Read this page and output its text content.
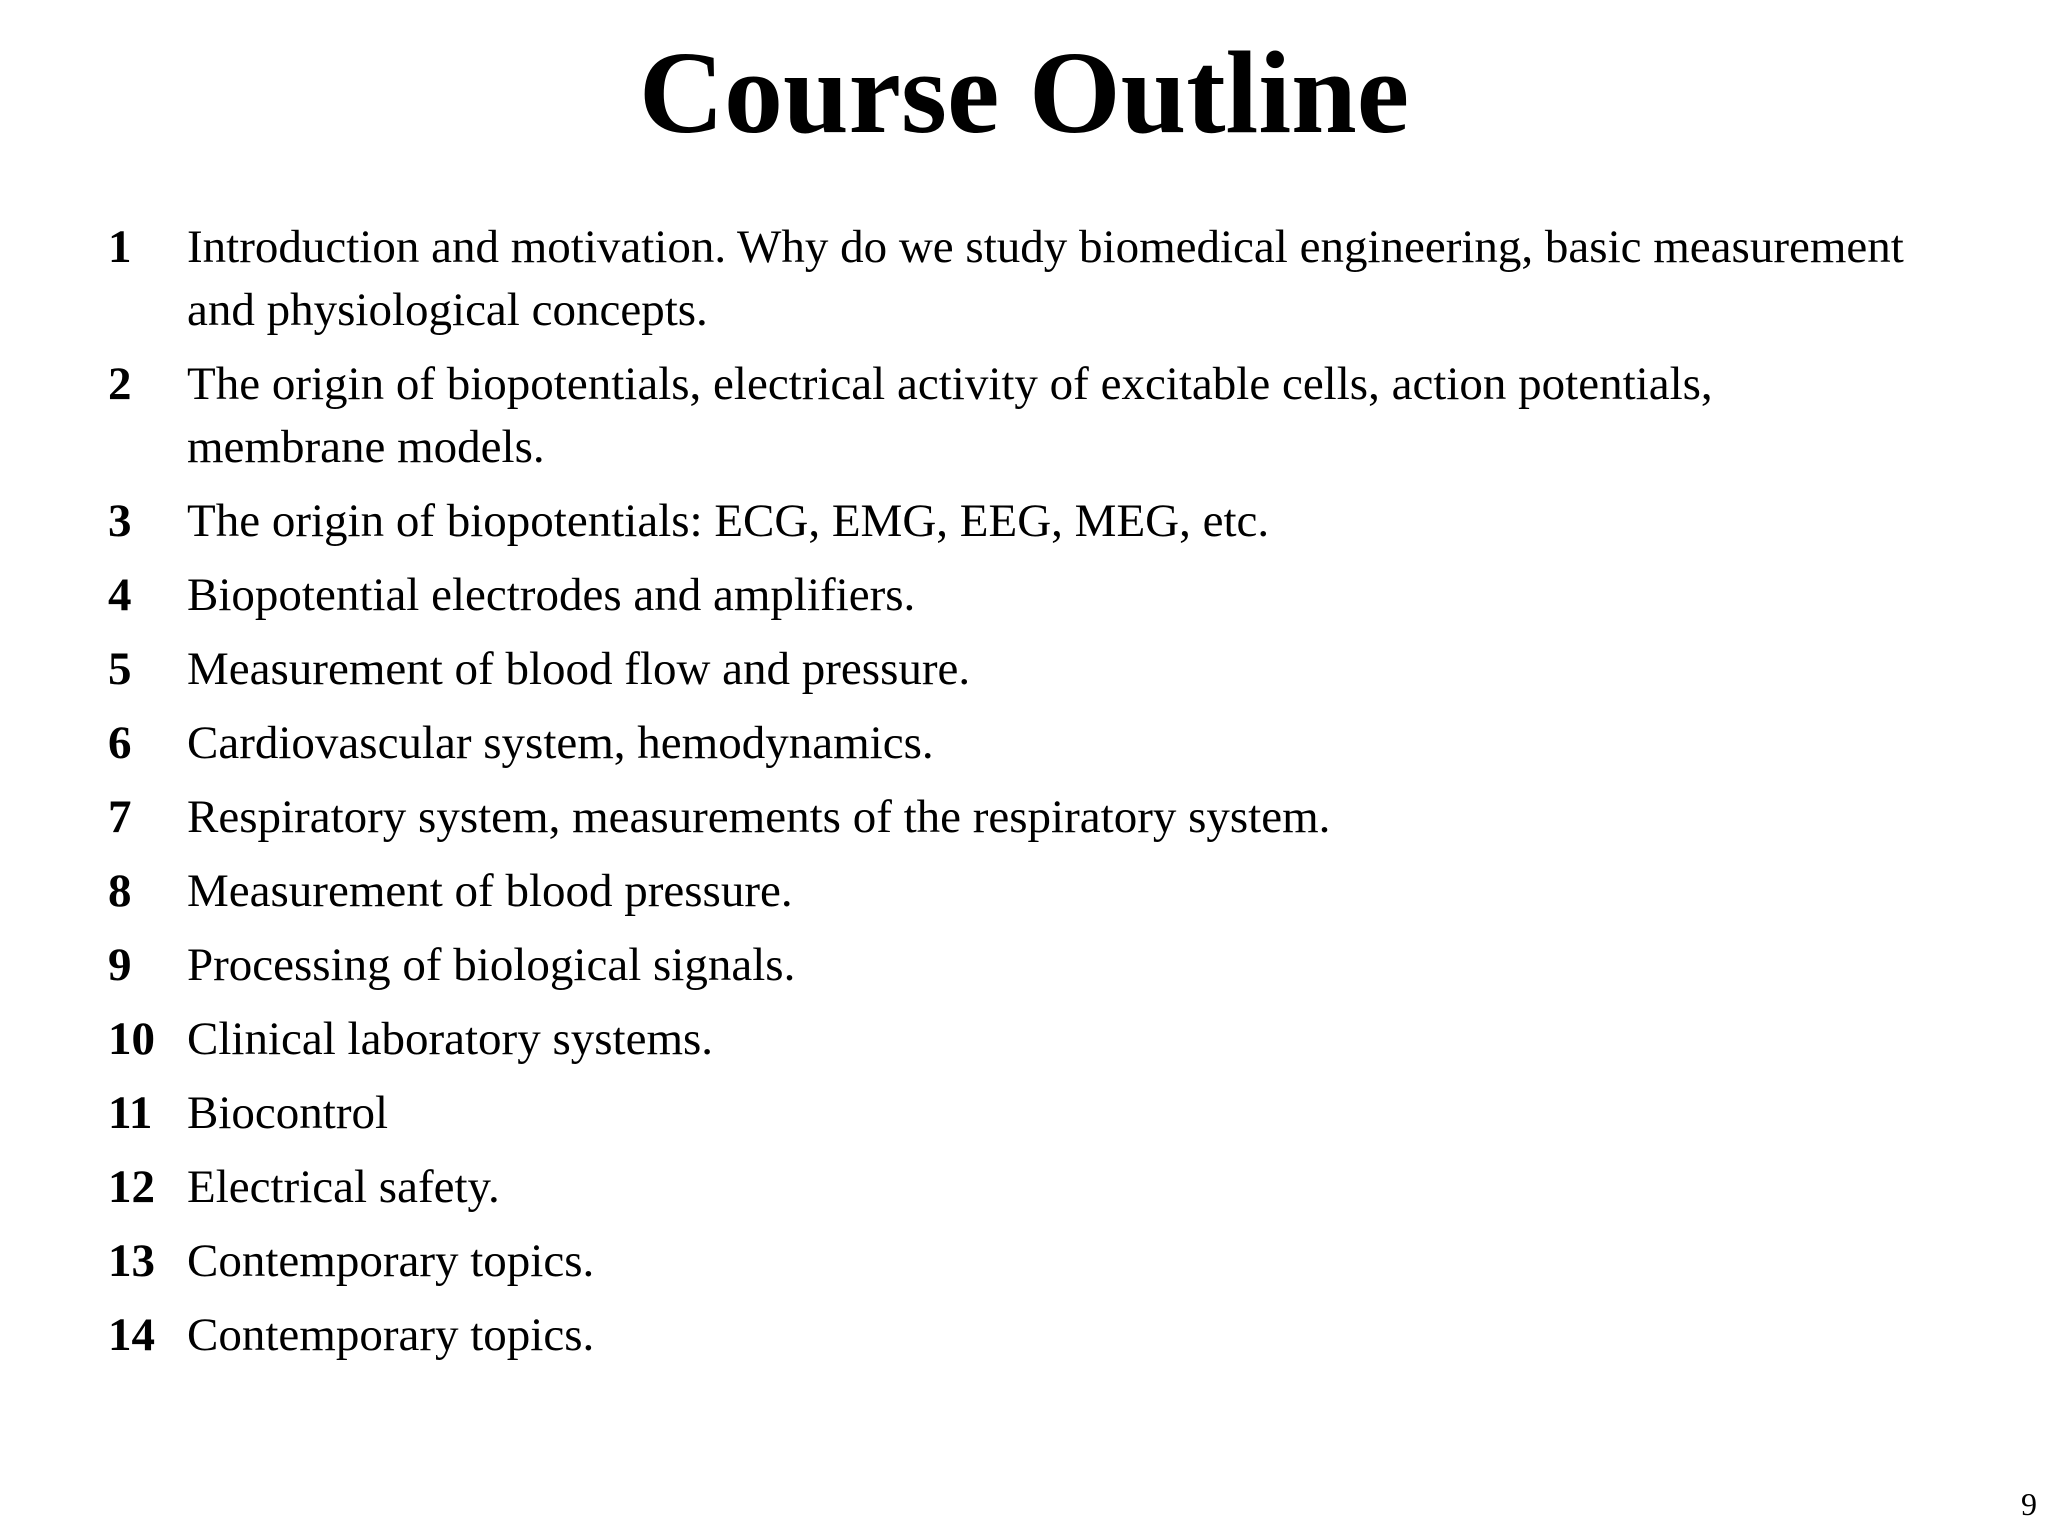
Course Outline
1	Introduction and motivation. Why do we study biomedical engineering, basic measurement and physiological concepts.
2	The origin of biopotentials, electrical activity of excitable cells, action potentials, membrane models.
3	The origin of biopotentials: ECG, EMG, EEG, MEG, etc.
4	Biopotential electrodes and amplifiers.
5	Measurement of blood flow and pressure.
6	Cardiovascular system, hemodynamics.
7	Respiratory system, measurements of the respiratory system.
8	Measurement of blood pressure.
9	Processing of biological signals.
10 Clinical laboratory systems.
11 Biocontrol
12 Electrical safety.
13 Contemporary topics.
14 Contemporary topics.
9
